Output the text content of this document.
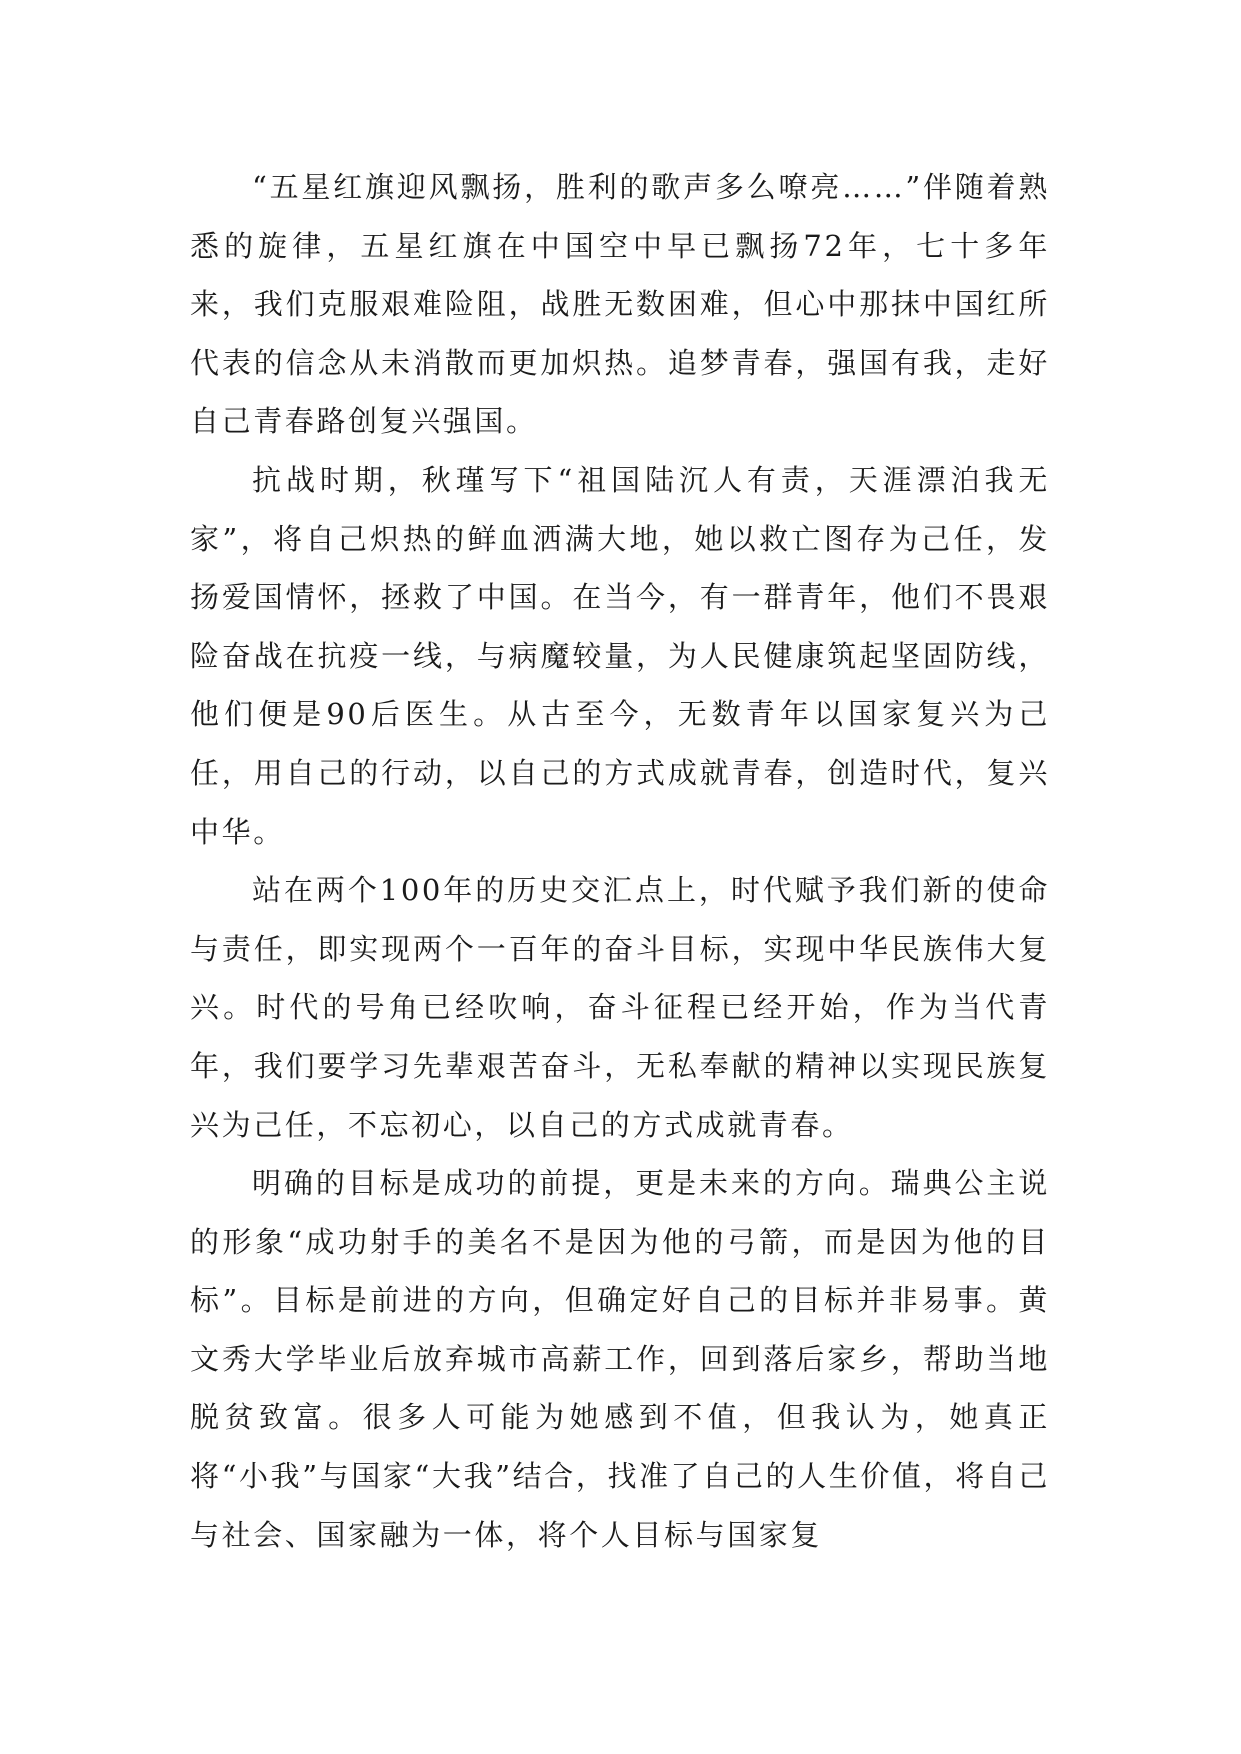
“五星红旗迎风飘扬，胜利的歌声多么嘹亮……”伴随着熟悉的旋律，五星红旗在中国空中早已飘扬72年，七十多年来，我们克服艰难险阻，战胜无数困难，但心中那抹中国红所代表的信念从未消散而更加炽热。追梦青春，强国有我，走好自己青春路创复兴强国。

抗战时期，秋瑾写下“祖国陆沉人有责，天涯漂泊我无家”，将自己炽热的鲜血洒满大地，她以救亡图存为己任，发扬爱国情怀，拯救了中国。在当今，有一群青年，他们不畏艰险奋战在抗疫一线，与病魔较量，为人民健康筑起坚固防线，他们便是90后医生。从古至今，无数青年以国家复兴为己任，用自己的行动，以自己的方式成就青春，创造时代，复兴中华。

站在两个100年的历史交汇点上，时代赋予我们新的使命与责任，即实现两个一百年的奋斗目标，实现中华民族伟大复兴。时代的号角已经吹响，奋斗征程已经开始，作为当代青年，我们要学习先辈艰苦奋斗，无私奉献的精神以实现民族复兴为己任，不忘初心，以自己的方式成就青春。

明确的目标是成功的前提，更是未来的方向。瑞典公主说的形象“成功射手的美名不是因为他的弓箭，而是因为他的目标”。目标是前进的方向，但确定好自己的目标并非易事。黄文秀大学毕业后放弃城市高薪工作，回到落后家乡，帮助当地脱贫致富。很多人可能为她感到不值，但我认为，她真正将“小我”与国家“大我”结合，找准了自己的人生价值，将自己与社会、国家融为一体，将个人目标与国家复
